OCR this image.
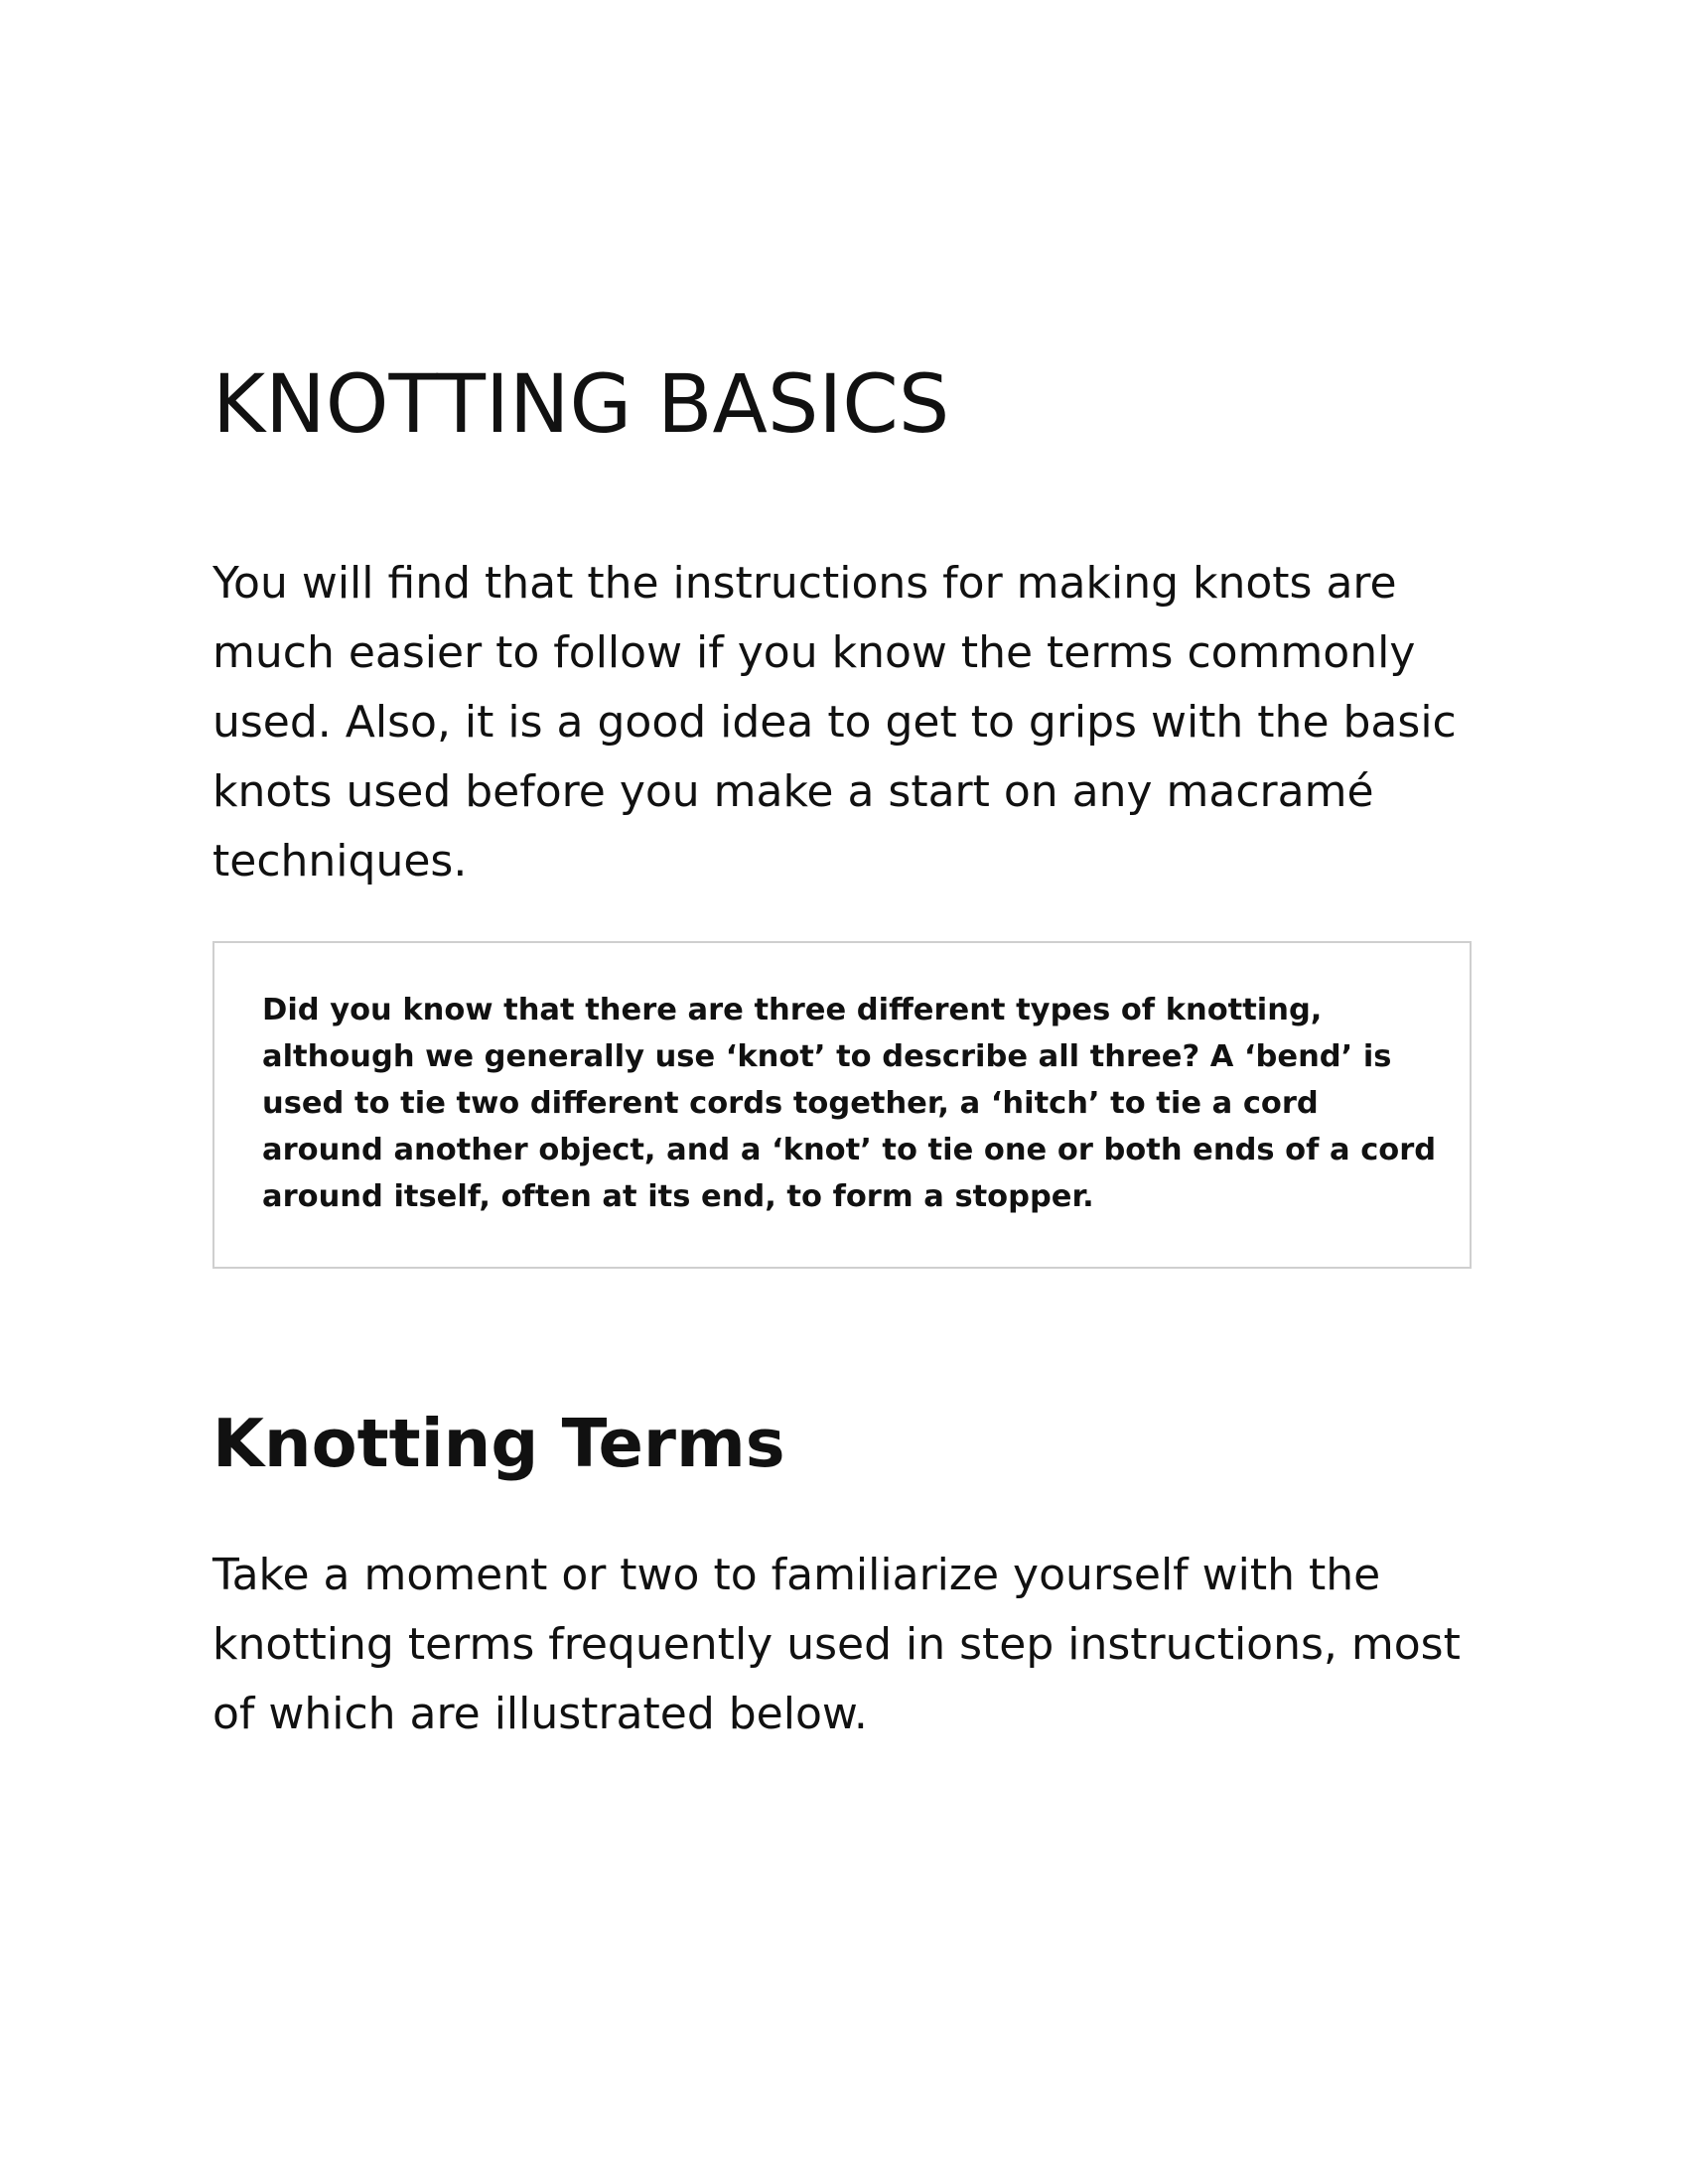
KNOTTING BASICS

You will find that the instructions for making knots are much easier to follow if you know the terms commonly used. Also, it is a good idea to get to grips with the basic knots used before you make a start on any macramé techniques.

Did you know that there are three different types of knotting, although we generally use ‘knot’ to describe all three? A ‘bend’ is used to tie two different cords together, a ‘hitch’ to tie a cord around another object, and a ‘knot’ to tie one or both ends of a cord around itself, often at its end, to form a stopper.

Knotting Terms

Take a moment or two to familiarize yourself with the knotting terms frequently used in step instructions, most of which are illustrated below.
